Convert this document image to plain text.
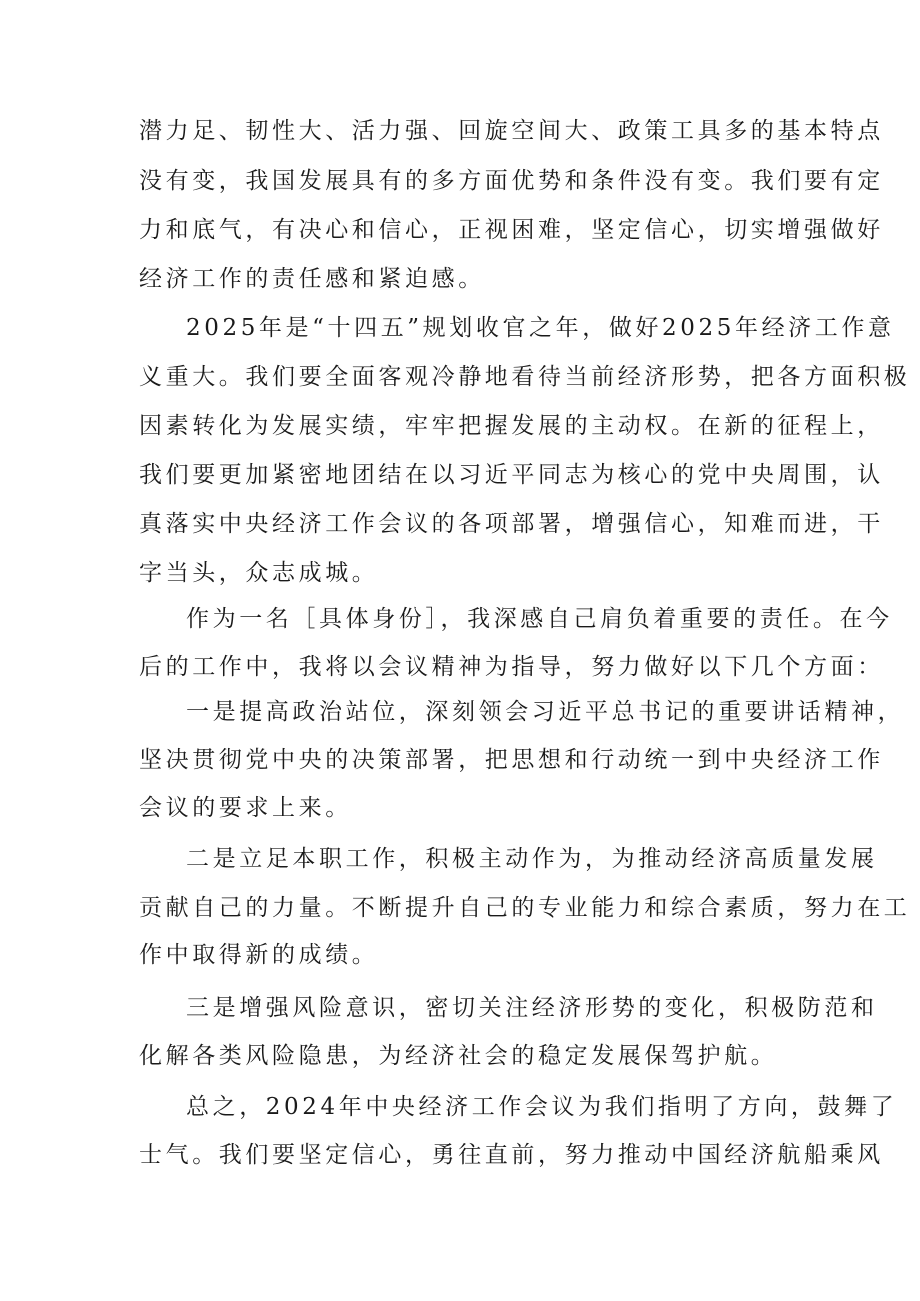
潜力足、韧性大、活力强、回旋空间大、政策工具多的基本特点
没有变，我国发展具有的多方面优势和条件没有变。我们要有定
力和底气，有决心和信心，正视困难，坚定信心，切实增强做好
经济工作的责任感和紧迫感。
2025年是“十四五”规划收官之年，做好2025年经济工作意
义重大。我们要全面客观冷静地看待当前经济形势，把各方面积极
因素转化为发展实绩，牢牢把握发展的主动权。在新的征程上，
我们要更加紧密地团结在以习近平同志为核心的党中央周围，认
真落实中央经济工作会议的各项部署，增强信心，知难而进，干
字当头，众志成城。
作为一名［具体身份］，我深感自己肩负着重要的责任。在今
后的工作中，我将以会议精神为指导，努力做好以下几个方面：
一是提高政治站位，深刻领会习近平总书记的重要讲话精神，
坚决贯彻党中央的决策部署，把思想和行动统一到中央经济工作
会议的要求上来。
二是立足本职工作，积极主动作为，为推动经济高质量发展
贡献自己的力量。不断提升自己的专业能力和综合素质，努力在工
作中取得新的成绩。
三是增强风险意识，密切关注经济形势的变化，积极防范和
化解各类风险隐患，为经济社会的稳定发展保驾护航。
总之，2024年中央经济工作会议为我们指明了方向，鼓舞了
士气。我们要坚定信心，勇往直前，努力推动中国经济航船乘风
